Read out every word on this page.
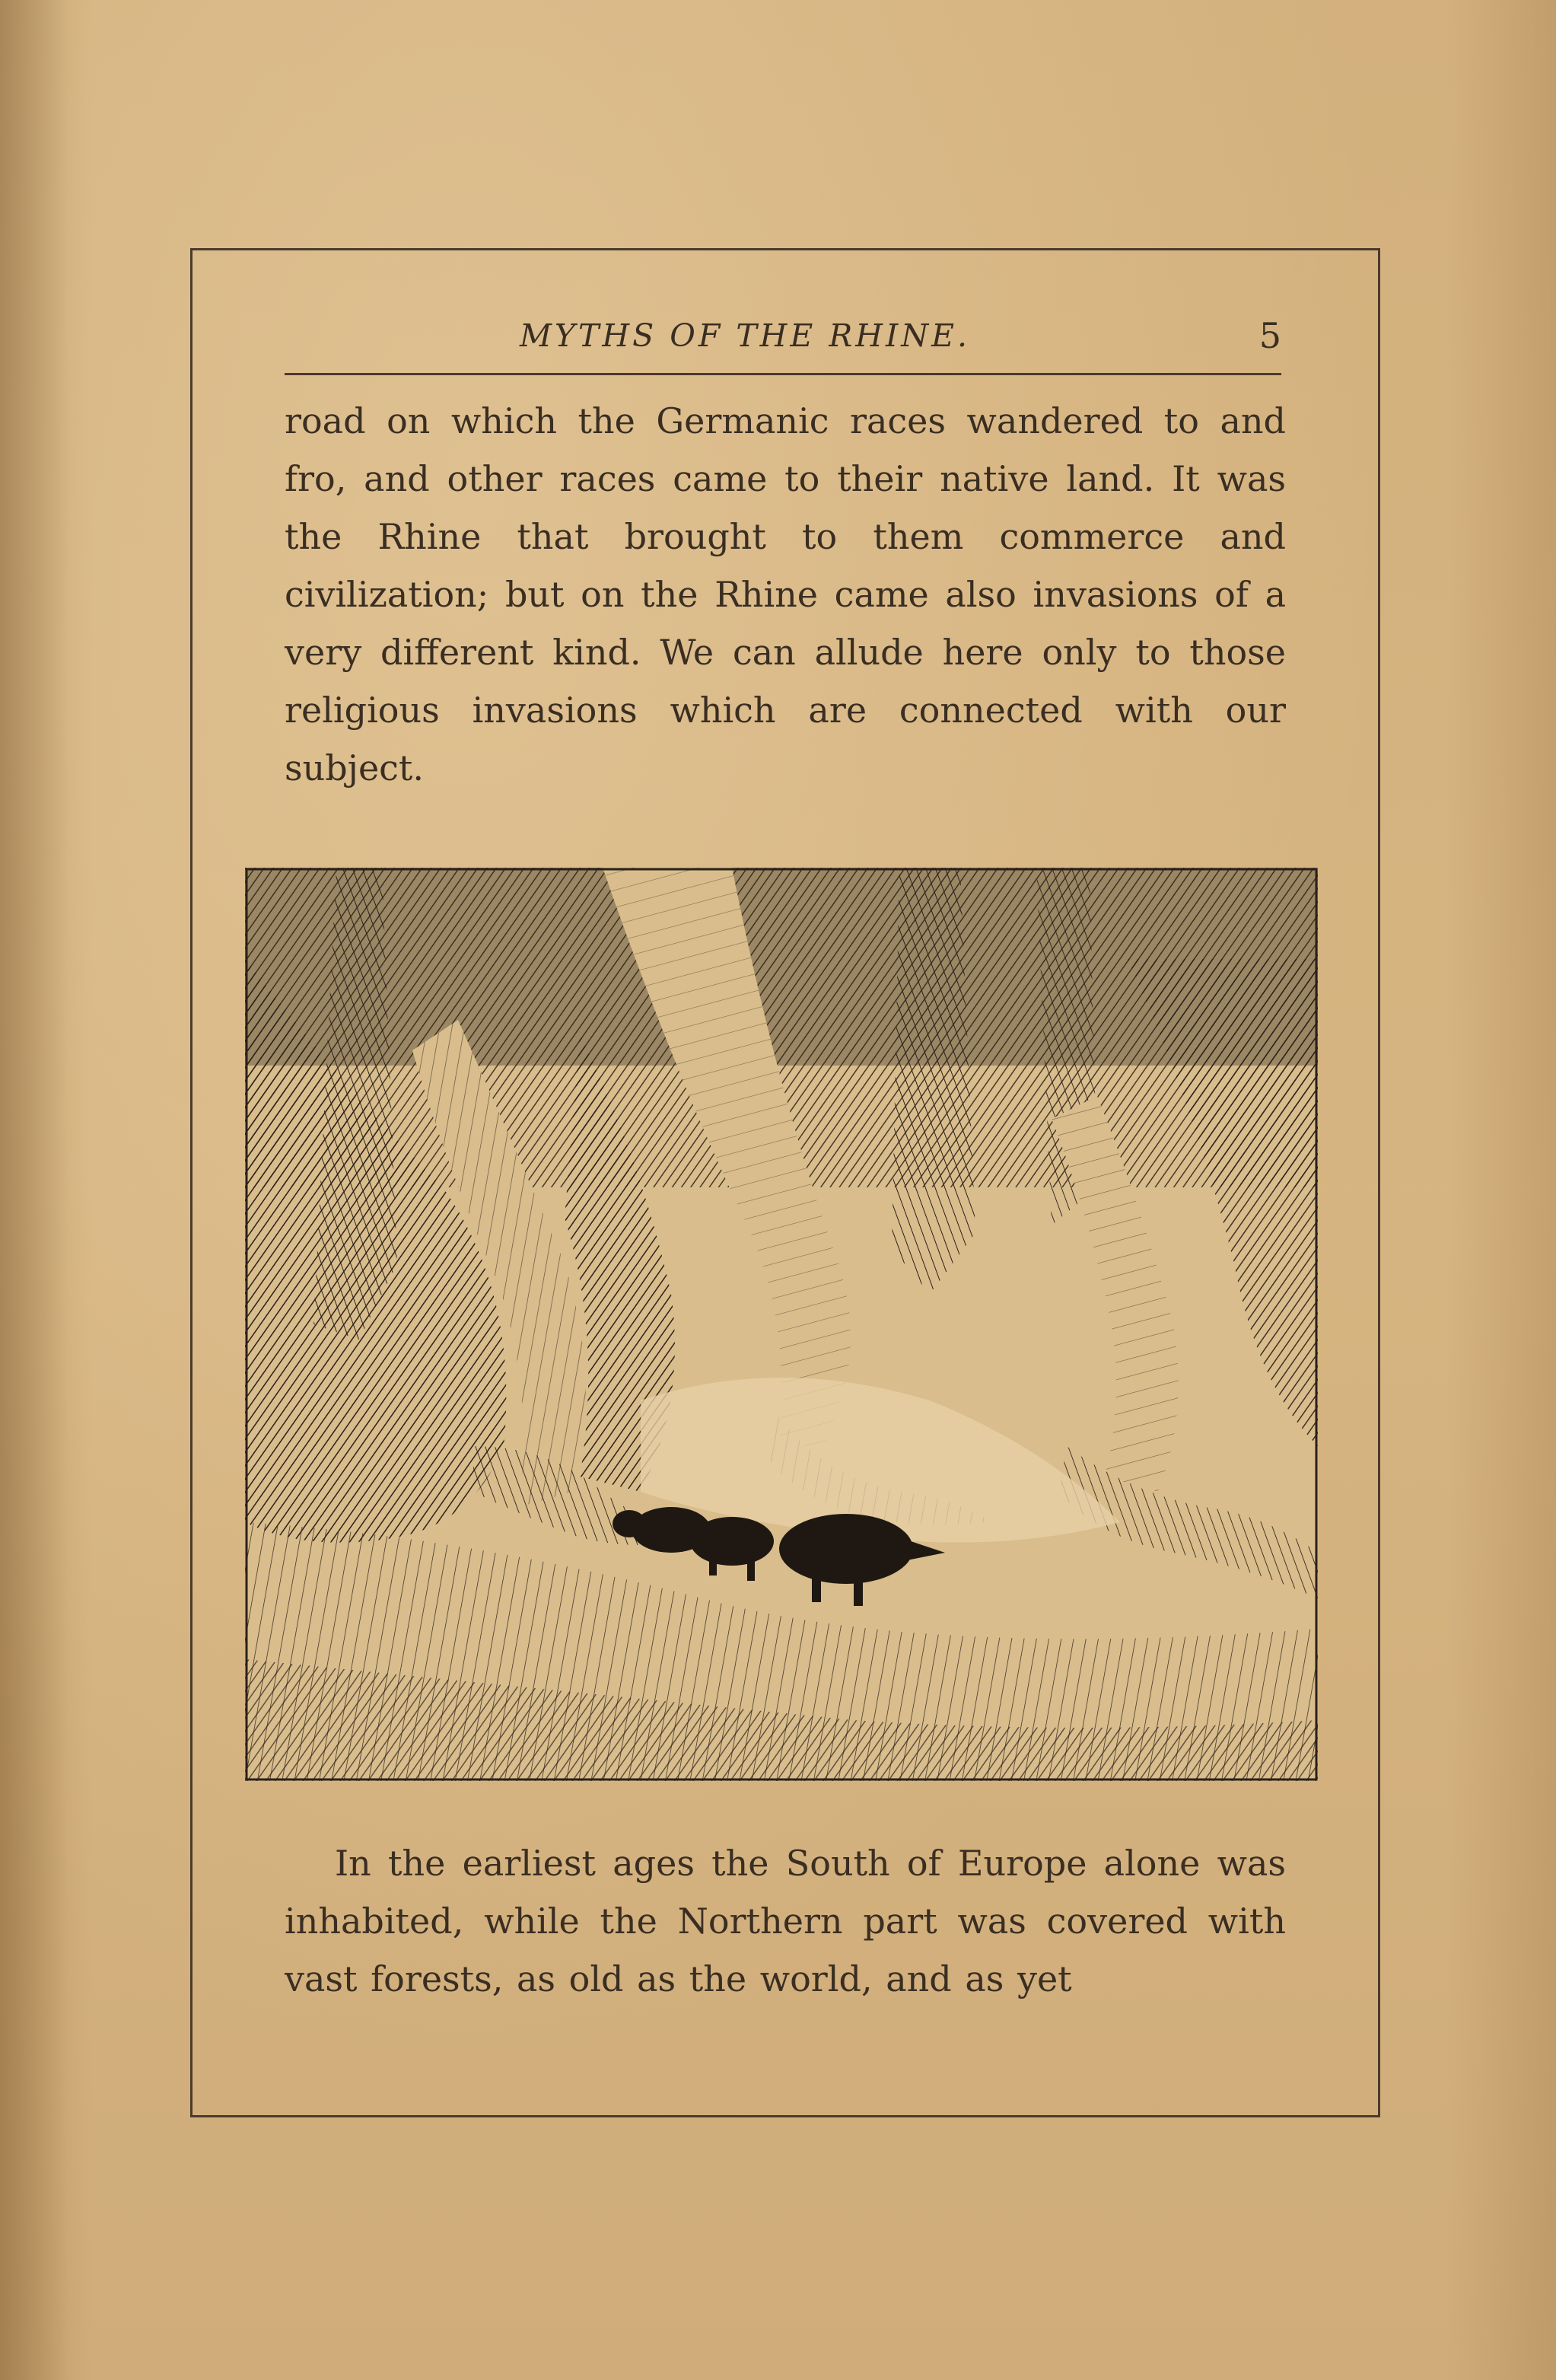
MYTHS OF THE RHINE.	5

road on which the Germanic races wandered to and fro, and other races came to their native land. It was the Rhine that brought to them commerce and civilization; but on the Rhine came also invasions of a very different kind. We can allude here only to those religious invasions which are connected with our subject.

In the earliest ages the South of Europe alone was inhabited, while the Northern part was covered with vast forests, as old as the world, and as yet
